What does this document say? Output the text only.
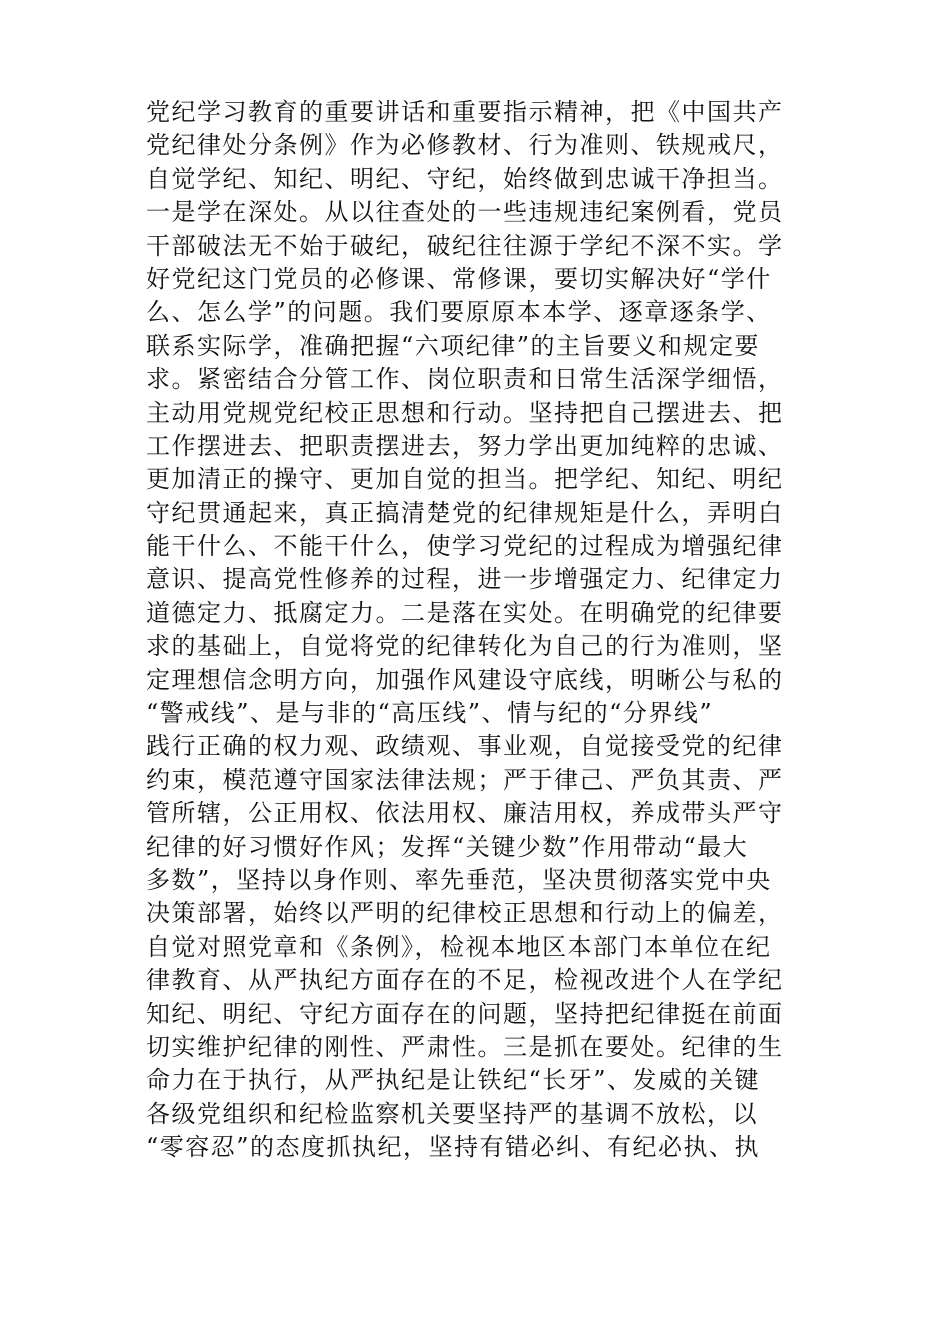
党纪学习教育的重要讲话和重要指示精神，把《中国共产
党纪律处分条例》作为必修教材、行为准则、铁规戒尺，
自觉学纪、知纪、明纪、守纪，始终做到忠诚干净担当。
一是学在深处。从以往查处的一些违规违纪案例看，党员
干部破法无不始于破纪，破纪往往源于学纪不深不实。学
好党纪这门党员的必修课、常修课，要切实解决好“学什
么、怎么学”的问题。我们要原原本本学、逐章逐条学、
联系实际学，准确把握“六项纪律”的主旨要义和规定要
求。紧密结合分管工作、岗位职责和日常生活深学细悟，
主动用党规党纪校正思想和行动。坚持把自己摆进去、把
工作摆进去、把职责摆进去，努力学出更加纯粹的忠诚、
更加清正的操守、更加自觉的担当。把学纪、知纪、明纪
守纪贯通起来，真正搞清楚党的纪律规矩是什么，弄明白
能干什么、不能干什么，使学习党纪的过程成为增强纪律
意识、提高党性修养的过程，进一步增强定力、纪律定力
道德定力、抵腐定力。二是落在实处。在明确党的纪律要
求的基础上，自觉将党的纪律转化为自己的行为准则，坚
定理想信念明方向，加强作风建设守底线，明晰公与私的
“警戒线”、是与非的“高压线”、情与纪的“分界线”
践行正确的权力观、政绩观、事业观，自觉接受党的纪律
约束，模范遵守国家法律法规；严于律己、严负其责、严
管所辖，公正用权、依法用权、廉洁用权，养成带头严守
纪律的好习惯好作风；发挥“关键少数”作用带动“最大
多数”，坚持以身作则、率先垂范，坚决贯彻落实党中央
决策部署，始终以严明的纪律校正思想和行动上的偏差，
自觉对照党章和《条例》，检视本地区本部门本单位在纪
律教育、从严执纪方面存在的不足，检视改进个人在学纪
知纪、明纪、守纪方面存在的问题，坚持把纪律挺在前面
切实维护纪律的刚性、严肃性。三是抓在要处。纪律的生
命力在于执行，从严执纪是让铁纪“长牙”、发威的关键
各级党组织和纪检监察机关要坚持严的基调不放松，以
“零容忍”的态度抓执纪，坚持有错必纠、有纪必执、执
